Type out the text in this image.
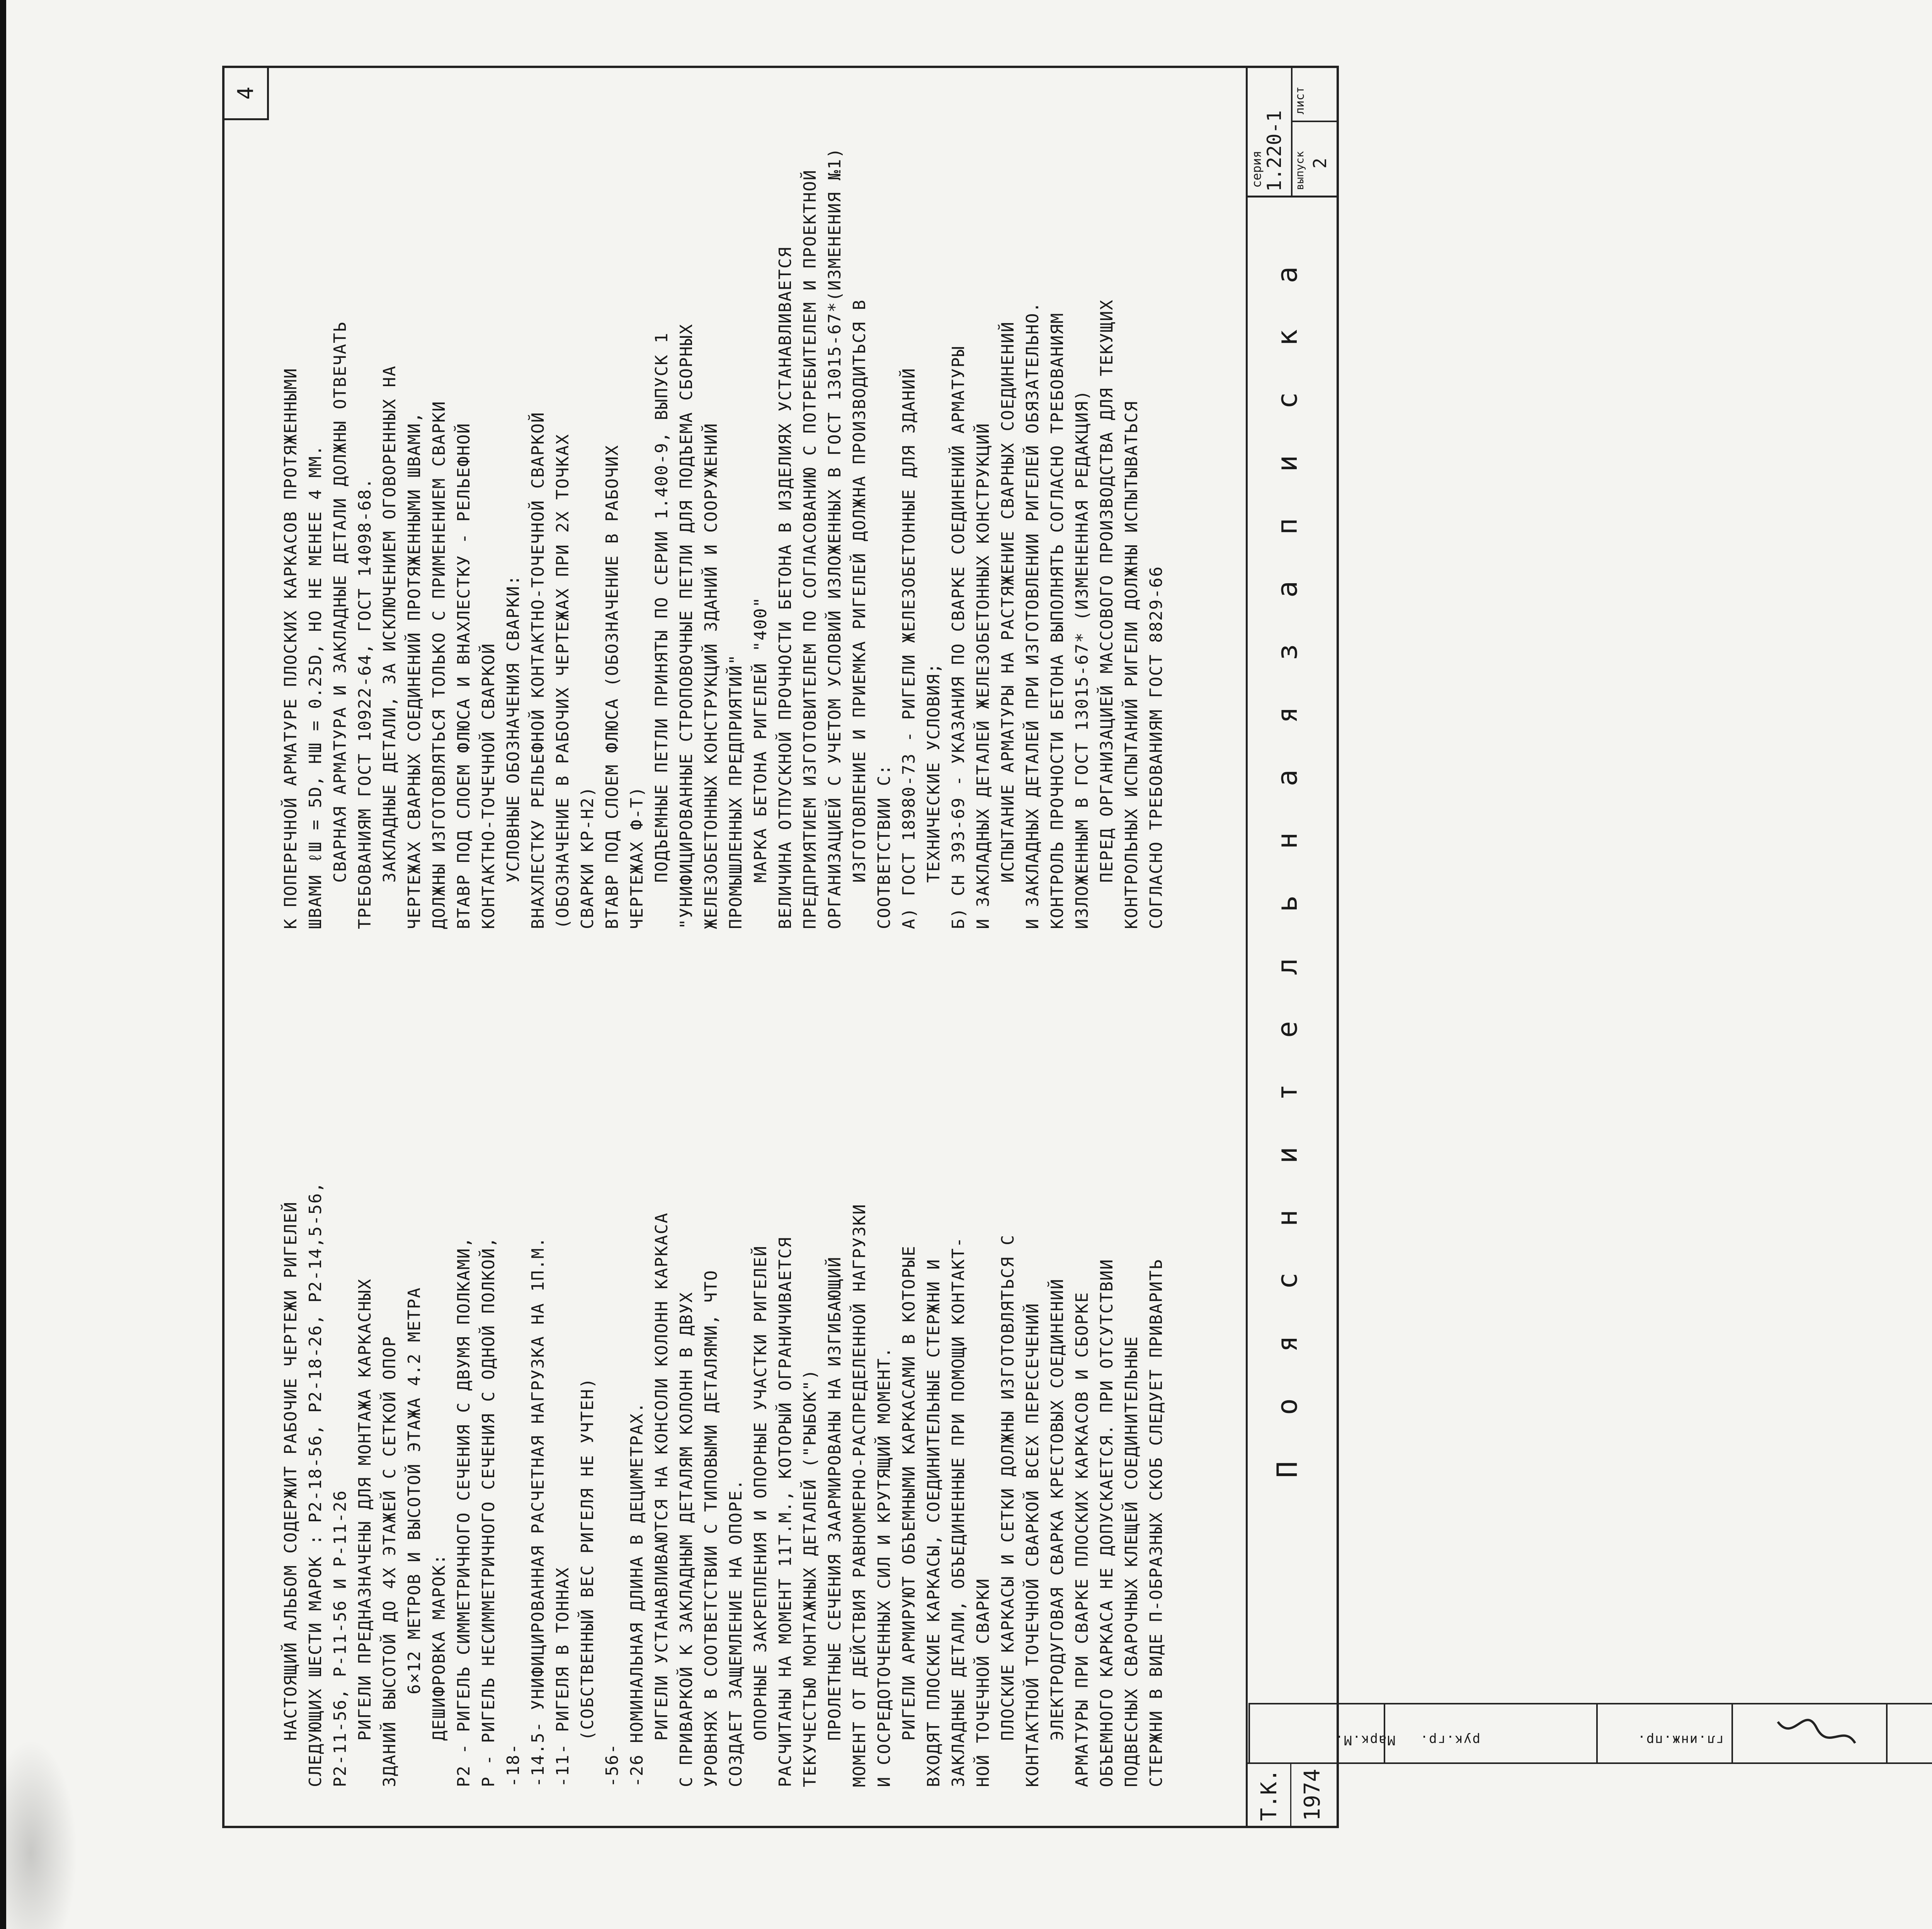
4
НАСТОЯЩИЙ АЛЬБОМ СОДЕРЖИТ РАБОЧИЕ ЧЕРТЕЖИ РИГЕЛЕЙ СЛЕДУЮЩИХ ШЕСТИ МАРОК : Р2-18-56, Р2-18-26, Р2-14,5-56, Р2-11-56, Р-11-56 И Р-11-26 РИГЕЛИ ПРЕДНАЗНАЧЕНЫ ДЛЯ МОНТАЖА КАРКАСНЫХ ЗДАНИЙ ВЫСОТОЙ ДО 4Х ЭТАЖЕЙ С СЕТКОЙ ОПОР 6×12 МЕТРОВ И ВЫСОТОЙ ЭТАЖА 4.2 МЕТРА ДЕШИФРОВКА МАРОК: Р2 - РИГЕЛЬ СИММЕТРИЧНОГО СЕЧЕНИЯ С ДВУМЯ ПОЛКАМИ, Р - РИГЕЛЬ НЕСИММЕТРИЧНОГО СЕЧЕНИЯ С ОДНОЙ ПОЛКОЙ, -18- -14.5- УНИФИЦИРОВАННАЯ РАСЧЕТНАЯ НАГРУЗКА НА 1П.М. -11- РИГЕЛЯ В ТОННАХ (СОБСТВЕННЫЙ ВЕС РИГЕЛЯ НЕ УЧТЕН)
-56- -26 НОМИНАЛЬНАЯ ДЛИНА В ДЕЦИМЕТРАХ. РИГЕЛИ УСТАНАВЛИВАЮТСЯ НА КОНСОЛИ КОЛОНН КАРКАСА С ПРИВАРКОЙ К ЗАКЛАДНЫМ ДЕТАЛЯМ КОЛОНН В ДВУХ УРОВНЯХ В СООТВЕТСТВИИ С ТИПОВЫМИ ДЕТАЛЯМИ, ЧТО СОЗДАЕТ ЗАЩЕМЛЕНИЕ НА ОПОРЕ. ОПОРНЫЕ ЗАКРЕПЛЕНИЯ И ОПОРНЫЕ УЧАСТКИ РИГЕЛЕЙ РАСЧИТАНЫ НА МОМЕНТ 11Т.М., КОТОРЫЙ ОГРАНИЧИВАЕТСЯ ТЕКУЧЕСТЬЮ МОНТАЖНЫХ ДЕТАЛЕЙ ("РЫБОК") ПРОЛЕТНЫЕ СЕЧЕНИЯ ЗААРМИРОВАНЫ НА ИЗГИБАЮЩИЙ МОМЕНТ ОТ ДЕЙСТВИЯ РАВНОМЕРНО-РАСПРЕДЕЛЕННОЙ НАГРУЗКИ И СОСРЕДОТОЧЕННЫХ СИЛ И КРУТЯЩИЙ МОМЕНТ. РИГЕЛИ АРМИРУЮТ ОБЪЕМНЫМИ КАРКАСАМИ В КОТОРЫЕ ВХОДЯТ ПЛОСКИЕ КАРКАСЫ, СОЕДИНИТЕЛЬНЫЕ СТЕРЖНИ И ЗАКЛАДНЫЕ ДЕТАЛИ, ОБЪЕДИНЕННЫЕ ПРИ ПОМОЩИ КОНТАКТ- НОЙ ТОЧЕЧНОЙ СВАРКИ ПЛОСКИЕ КАРКАСЫ И СЕТКИ ДОЛЖНЫ ИЗГОТОВЛЯТЬСЯ С КОНТАКТНОЙ ТОЧЕЧНОЙ СВАРКОЙ ВСЕХ ПЕРЕСЕЧЕНИЙ ЭЛЕКТРОДУГОВАЯ СВАРКА КРЕСТОВЫХ СОЕДИНЕНИЙ АРМАТУРЫ ПРИ СВАРКЕ ПЛОСКИХ КАРКАСОВ И СБОРКЕ ОБЪЕМНОГО КАРКАСА НЕ ДОПУСКАЕТСЯ. ПРИ ОТСУТСТВИИ ПОДВЕСНЫХ СВАРОЧНЫХ КЛЕЩЕЙ СОЕДИНИТЕЛЬНЫЕ СТЕРЖНИ В ВИДЕ П-ОБРАЗНЫХ СКОБ СЛЕДУЕТ ПРИВАРИТЬ
К ПОПЕРЕЧНОЙ АРМАТУРЕ ПЛОСКИХ КАРКАСОВ ПРОТЯЖЕННЫМИ ШВАМИ ℓШ = 5D, HШ = 0.25D, НО НЕ МЕНЕЕ 4 ММ. СВАРНАЯ АРМАТУРА И ЗАКЛАДНЫЕ ДЕТАЛИ ДОЛЖНЫ ОТВЕЧАТЬ ТРЕБОВАНИЯМ ГОСТ 10922-64, ГОСТ 14098-68. ЗАКЛАДНЫЕ ДЕТАЛИ, ЗА ИСКЛЮЧЕНИЕМ ОГОВОРЕННЫХ НА ЧЕРТЕЖАХ СВАРНЫХ СОЕДИНЕНИЙ ПРОТЯЖЕННЫМИ ШВАМИ, ДОЛЖНЫ ИЗГОТОВЛЯТЬСЯ ТОЛЬКО С ПРИМЕНЕНИЕМ СВАРКИ ВТАВР ПОД СЛОЕМ ФЛЮСА И ВНАХЛЕСТКУ - РЕЛЬЕФНОЙ КОНТАКТНО-ТОЧЕЧНОЙ СВАРКОЙ УСЛОВНЫЕ ОБОЗНАЧЕНИЯ СВАРКИ: ВНАХЛЕСТКУ РЕЛЬЕФНОЙ КОНТАКТНО-ТОЧЕЧНОЙ СВАРКОЙ (ОБОЗНАЧЕНИЕ В РАБОЧИХ ЧЕРТЕЖАХ ПРИ 2Х ТОЧКАХ СВАРКИ КР-Н2) ВТАВР ПОД СЛОЕМ ФЛЮСА (ОБОЗНАЧЕНИЕ В РАБОЧИХ ЧЕРТЕЖАХ Ф-Т) ПОДЪЕМНЫЕ ПЕТЛИ ПРИНЯТЫ ПО СЕРИИ 1.400-9, ВЫПУСК 1 "УНИФИЦИРОВАННЫЕ СТРОПОВОЧНЫЕ ПЕТЛИ ДЛЯ ПОДЪЕМА СБОРНЫХ ЖЕЛЕЗОБЕТОННЫХ КОНСТРУКЦИЙ ЗДАНИЙ И СООРУЖЕНИЙ ПРОМЫШЛЕННЫХ ПРЕДПРИЯТИЙ" МАРКА БЕТОНА РИГЕЛЕЙ "400" ВЕЛИЧИНА ОТПУСКНОЙ ПРОЧНОСТИ БЕТОНА В ИЗДЕЛИЯХ УСТАНАВЛИВАЕТСЯ ПРЕДПРИЯТИЕМ ИЗГОТОВИТЕЛЕМ ПО СОГЛАСОВАНИЮ С ПОТРЕБИТЕЛЕМ И ПРОЕКТНОЙ ОРГАНИЗАЦИЕЙ С УЧЕТОМ УСЛОВИЙ ИЗЛОЖЕННЫХ В ГОСТ 13015-67*(ИЗМЕНЕНИЯ №1) ИЗГОТОВЛЕНИЕ И ПРИЕМКА РИГЕЛЕЙ ДОЛЖНА ПРОИЗВОДИТЬСЯ В СООТВЕТСТВИИ С: А) ГОСТ 18980-73 - РИГЕЛИ ЖЕЛЕЗОБЕТОННЫЕ ДЛЯ ЗДАНИЙ ТЕХНИЧЕСКИЕ УСЛОВИЯ; Б) СН 393-69 - УКАЗАНИЯ ПО СВАРКЕ СОЕДИНЕНИЙ АРМАТУРЫ И ЗАКЛАДНЫХ ДЕТАЛЕЙ ЖЕЛЕЗОБЕТОННЫХ КОНСТРУКЦИЙ ИСПЫТАНИЕ АРМАТУРЫ НА РАСТЯЖЕНИЕ СВАРНЫХ СОЕДИНЕНИЙ И ЗАКЛАДНЫХ ДЕТАЛЕЙ ПРИ ИЗГОТОВЛЕНИИ РИГЕЛЕЙ ОБЯЗАТЕЛЬНО. КОНТРОЛЬ ПРОЧНОСТИ БЕТОНА ВЫПОЛНЯТЬ СОГЛАСНО ТРЕБОВАНИЯМ ИЗЛОЖЕННЫМ В ГОСТ 13015-67* (ИЗМЕНЕННАЯ РЕДАКЦИЯ) ПЕРЕД ОРГАНИЗАЦИЕЙ МАССОВОГО ПРОИЗВОДСТВА ДЛЯ ТЕКУЩИХ КОНТРОЛЬНЫХ ИСПЫТАНИЙ РИГЕЛИ ДОЛЖНЫ ИСПЫТЫВАТЬСЯ СОГЛАСНО ТРЕБОВАНИЯМ ГОСТ 8829-66
Т.К. 1974
П о я с н и т е л ь н а я з а п и с к а
серия
1.220-1 выпуск 2
лист
гл.инж.пр.
рук.гр.
Марк.М.
